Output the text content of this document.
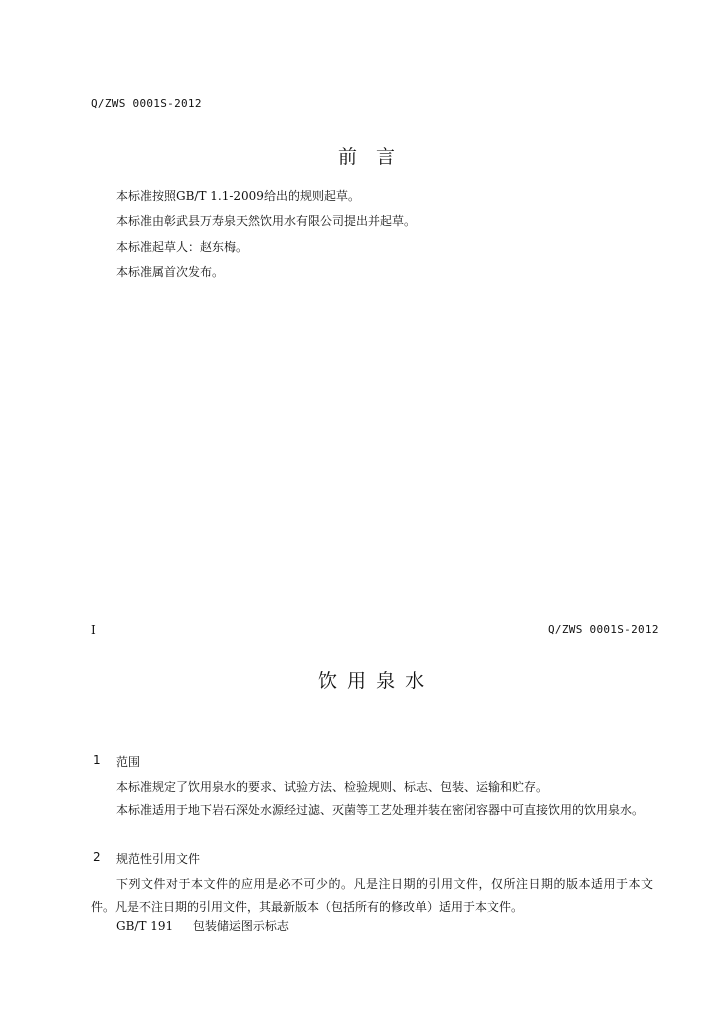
Q/ZWS 0001S-2012
前　言
本标准按照GB/T 1.1-2009给出的规则起草。
本标准由彰武县万寿泉天然饮用水有限公司提出并起草。
本标准起草人：赵东梅。
本标准属首次发布。
I	Q/ZWS 0001S-2012
饮 用 泉 水
1 范围
本标准规定了饮用泉水的要求、试验方法、检验规则、标志、包装、运输和贮存。
本标准适用于地下岩石深处水源经过滤、灭菌等工艺处理并装在密闭容器中可直接饮用的饮用泉水。
2 规范性引用文件
下列文件对于本文件的应用是必不可少的。凡是注日期的引用文件，仅所注日期的版本适用于本文件。凡是不注日期的引用文件，其最新版本（包括所有的修改单）适用于本文件。
GB/T 191 包装储运图示标志
